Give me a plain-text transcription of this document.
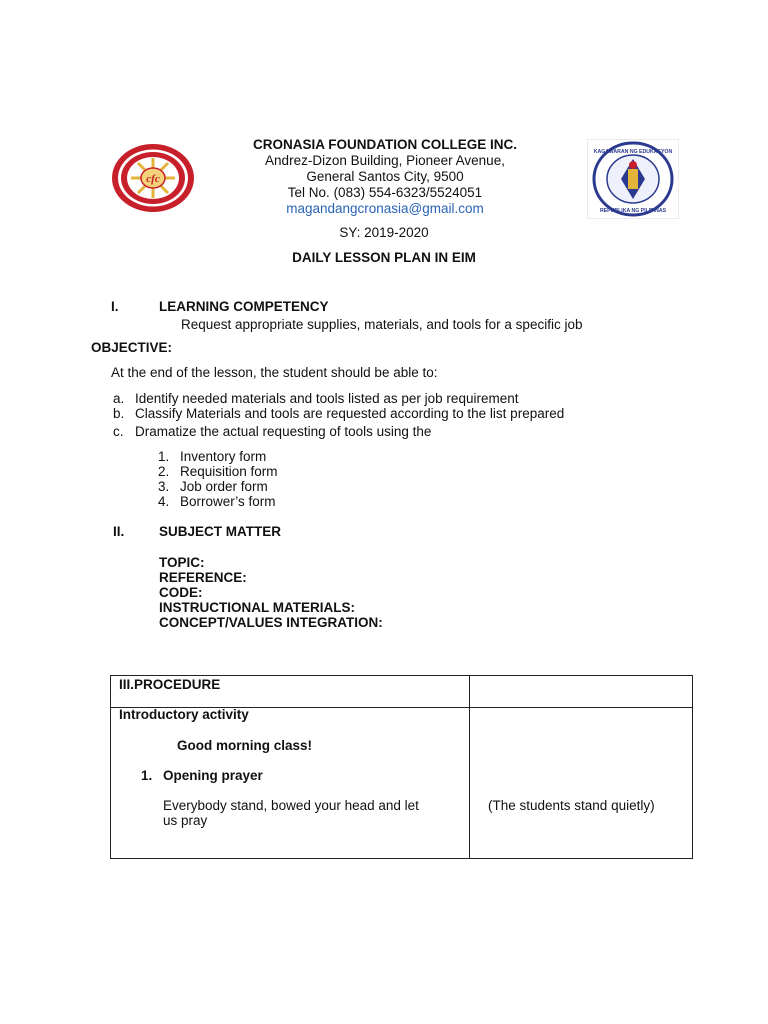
cfc
KAGAWARAN NG EDUKASYON
REPUBLIKA NG PILIPINAS
CRONASIA FOUNDATION COLLEGE INC.
Andrez-Dizon Building, Pioneer Avenue,
General Santos City, 9500
Tel No. (083) 554-6323/5524051
magandangcronasia@gmail.com
SY: 2019-2020
DAILY LESSON PLAN IN EIM
I.	LEARNING COMPETENCY
Request appropriate supplies, materials, and tools for a specific job
OBJECTIVE:
At the end of the lesson, the student should be able to:
a. Identify needed materials and tools listed as per job requirement
b. Classify Materials and tools are requested according to the list prepared
c. Dramatize the actual requesting of tools using the
1. Inventory form
2. Requisition form
3. Job order form
4. Borrower’s form
II.	SUBJECT MATTER
TOPIC:
REFERENCE:
CODE:
INSTRUCTIONAL MATERIALS:
CONCEPT/VALUES INTEGRATION:
III.PROCEDURE
Introductory activity
Good morning class!
1. Opening prayer
Everybody stand, bowed your head and let
us pray
(The students stand quietly)
